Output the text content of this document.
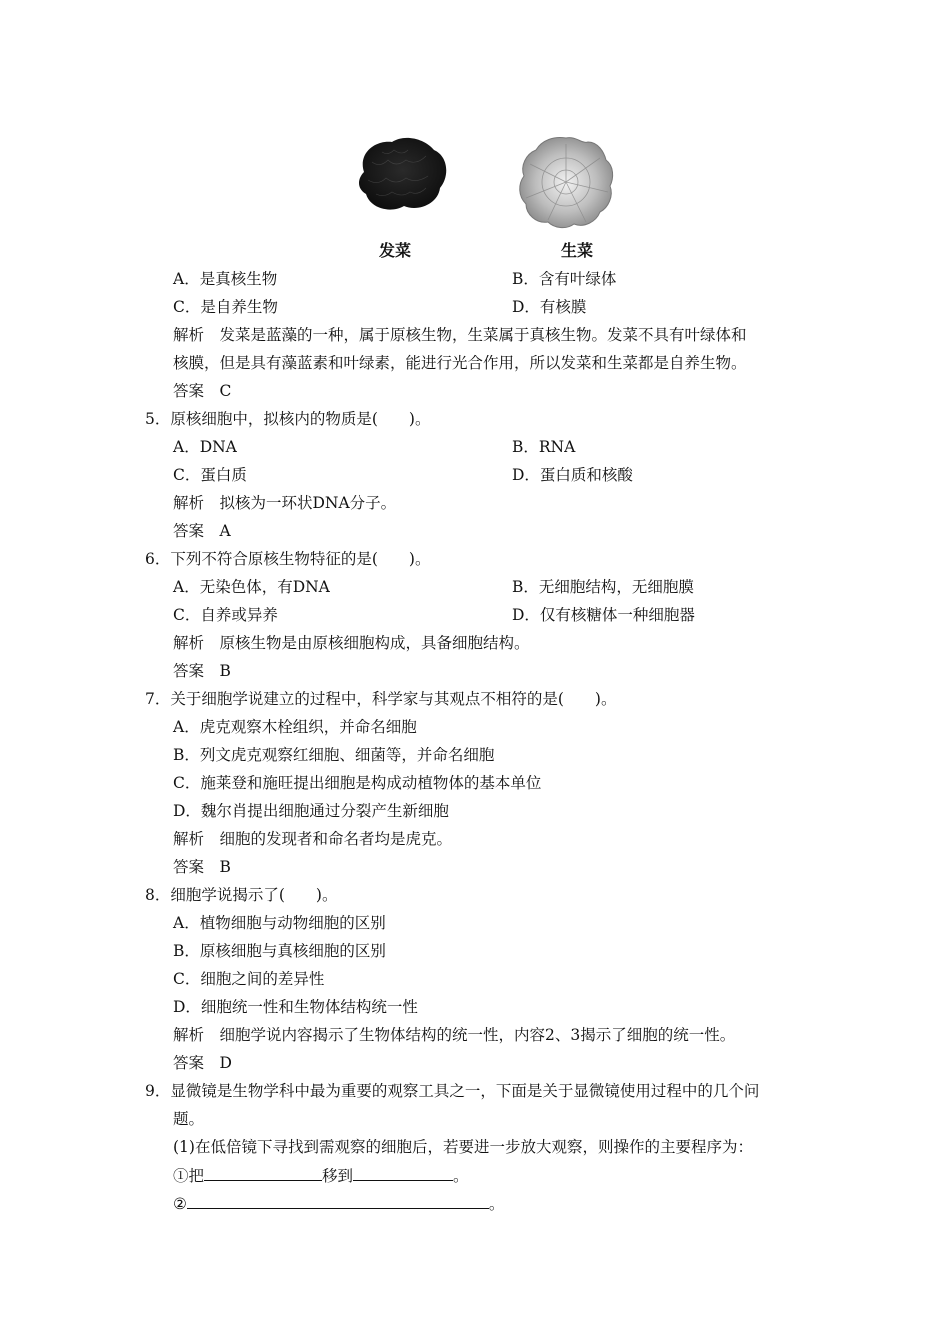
发菜	生菜
A．是真核生物	B．含有叶绿体
C．是自养生物	D．有核膜
解析　发菜是蓝藻的一种，属于原核生物，生菜属于真核生物。发菜不具有叶绿体和
核膜，但是具有藻蓝素和叶绿素，能进行光合作用，所以发菜和生菜都是自养生物。
答案　C
5．原核细胞中，拟核内的物质是(　　)。
A．DNA	B．RNA
C．蛋白质	D．蛋白质和核酸
解析　拟核为一环状DNA分子。
答案　A
6．下列不符合原核生物特征的是(　　)。
A．无染色体，有DNA	B．无细胞结构，无细胞膜
C．自养或异养	D．仅有核糖体一种细胞器
解析　原核生物是由原核细胞构成，具备细胞结构。
答案　B
7．关于细胞学说建立的过程中，科学家与其观点不相符的是(　　)。
A．虎克观察木栓组织，并命名细胞
B．列文虎克观察红细胞、细菌等，并命名细胞
C．施莱登和施旺提出细胞是构成动植物体的基本单位
D．魏尔肖提出细胞通过分裂产生新细胞
解析　细胞的发现者和命名者均是虎克。
答案　B
8．细胞学说揭示了(　　)。
A．植物细胞与动物细胞的区别
B．原核细胞与真核细胞的区别
C．细胞之间的差异性
D．细胞统一性和生物体结构统一性
解析　细胞学说内容揭示了生物体结构的统一性，内容2、3揭示了细胞的统一性。
答案　D
9．显微镜是生物学科中最为重要的观察工具之一，下面是关于显微镜使用过程中的几个问
题。
(1)在低倍镜下寻找到需观察的细胞后，若要进一步放大观察，则操作的主要程序为：
①把	移到	。
②	。
